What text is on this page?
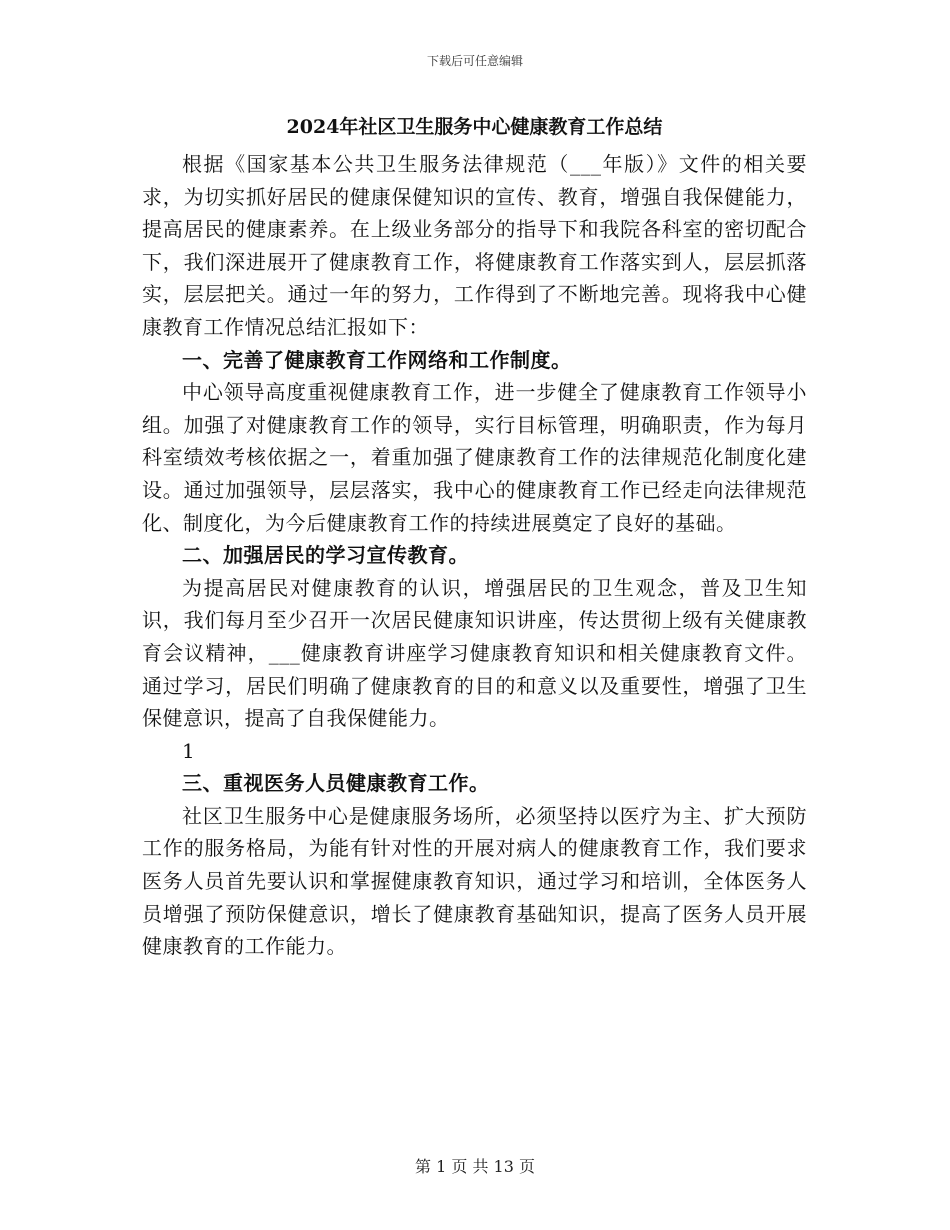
下载后可任意编辑
2024年社区卫生服务中心健康教育工作总结

根据《国家基本公共卫生服务法律规范（___年版）》文件的相关要求，为切实抓好居民的健康保健知识的宣传、教育，增强自我保健能力，提高居民的健康素养。在上级业务部分的指导下和我院各科室的密切配合下，我们深进展开了健康教育工作，将健康教育工作落实到人，层层抓落实，层层把关。通过一年的努力，工作得到了不断地完善。现将我中心健康教育工作情况总结汇报如下：

一、完善了健康教育工作网络和工作制度。

中心领导高度重视健康教育工作，进一步健全了健康教育工作领导小组。加强了对健康教育工作的领导，实行目标管理，明确职责，作为每月科室绩效考核依据之一，着重加强了健康教育工作的法律规范化制度化建设。通过加强领导，层层落实，我中心的健康教育工作已经走向法律规范化、制度化，为今后健康教育工作的持续进展奠定了良好的基础。

二、加强居民的学习宣传教育。

为提高居民对健康教育的认识，增强居民的卫生观念，普及卫生知识，我们每月至少召开一次居民健康知识讲座，传达贯彻上级有关健康教育会议精神，___健康教育讲座学习健康教育知识和相关健康教育文件。通过学习，居民们明确了健康教育的目的和意义以及重要性，增强了卫生保健意识，提高了自我保健能力。

1

三、重视医务人员健康教育工作。

社区卫生服务中心是健康服务场所，必须坚持以医疗为主、扩大预防工作的服务格局，为能有针对性的开展对病人的健康教育工作，我们要求医务人员首先要认识和掌握健康教育知识，通过学习和培训，全体医务人员增强了预防保健意识，增长了健康教育基础知识，提高了医务人员开展健康教育的工作能力。

第 1 页 共 13 页
